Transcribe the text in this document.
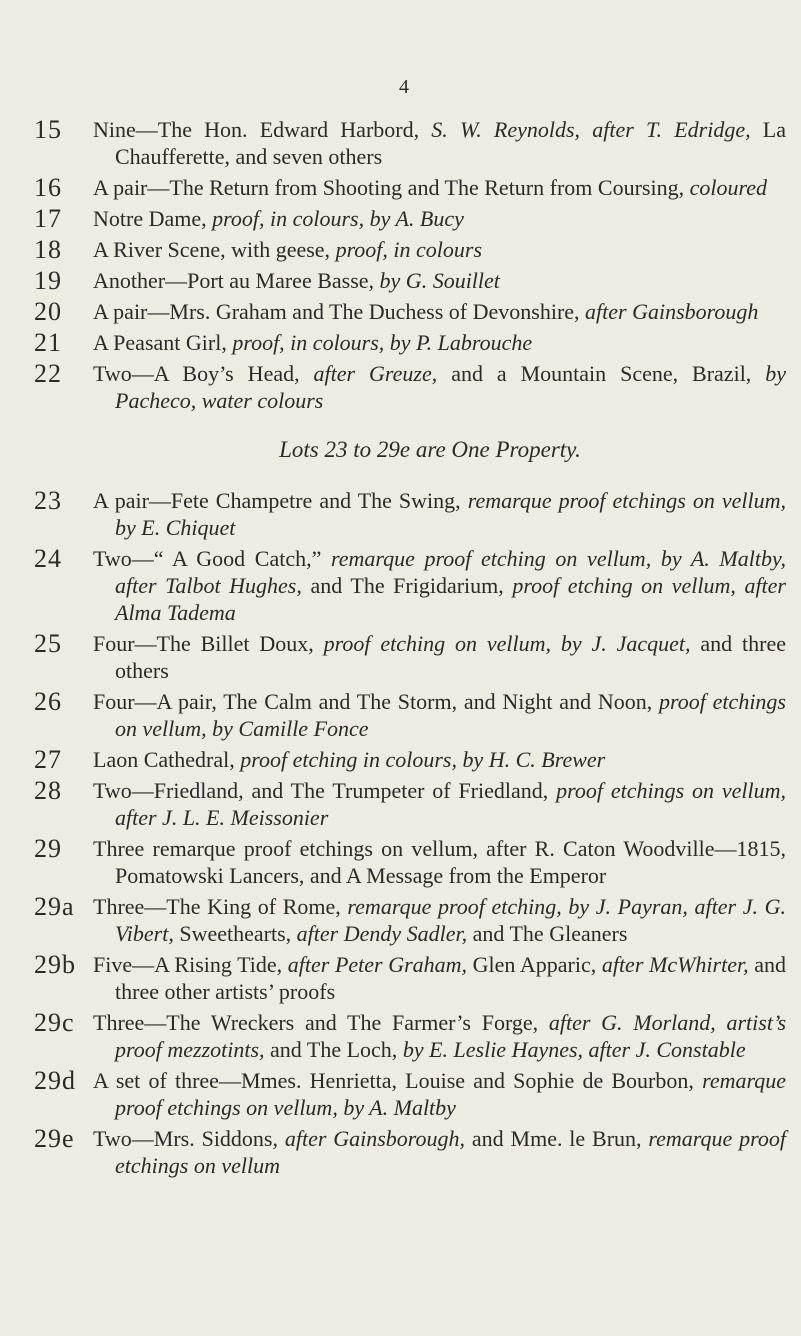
4
15	Nine—The Hon. Edward Harbord, S. W. Reynolds, after T. Edridge, La Chaufferette, and seven others
16	A pair—The Return from Shooting and The Return from Coursing, coloured
17	Notre Dame, proof, in colours, by A. Bucy
18	A River Scene, with geese, proof, in colours
19	Another—Port au Maree Basse, by G. Souillet
20	A pair—Mrs. Graham and The Duchess of Devonshire, after Gainsborough
21	A Peasant Girl, proof, in colours, by P. Labrouche
22	Two—A Boy’s Head, after Greuze, and a Mountain Scene, Brazil, by Pacheco, water colours
Lots 23 to 29e are One Property.
23	A pair—Fete Champetre and The Swing, remarque proof etchings on vellum, by E. Chiquet
24	Two—“ A Good Catch,” remarque proof etching on vellum, by A. Maltby, after Talbot Hughes, and The Frigidarium, proof etching on vellum, after Alma Tadema
25	Four—The Billet Doux, proof etching on vellum, by J. Jacquet, and three others
26	Four—A pair, The Calm and The Storm, and Night and Noon, proof etchings on vellum, by Camille Fonce
27	Laon Cathedral, proof etching in colours, by H. C. Brewer
28	Two—Friedland, and The Trumpeter of Friedland, proof etchings on vellum, after J. L. E. Meissonier
29	Three remarque proof etchings on vellum, after R. Caton Woodville—1815, Pomatowski Lancers, and A Message from the Emperor
29a Three—The King of Rome, remarque proof etching, by J. Payran, after J. G. Vibert, Sweethearts, after Dendy Sadler, and The Gleaners
29b Five—A Rising Tide, after Peter Graham, Glen Apparic, after McWhirter, and three other artists’ proofs
29c Three—The Wreckers and The Farmer’s Forge, after G. Morland, artist’s proof mezzotints, and The Loch, by E. Leslie Haynes, after J. Constable
29d A set of three—Mmes. Henrietta, Louise and Sophie de Bourbon, remarque proof etchings on vellum, by A. Maltby
29e Two—Mrs. Siddons, after Gainsborough, and Mme. le Brun, remarque proof etchings on vellum
